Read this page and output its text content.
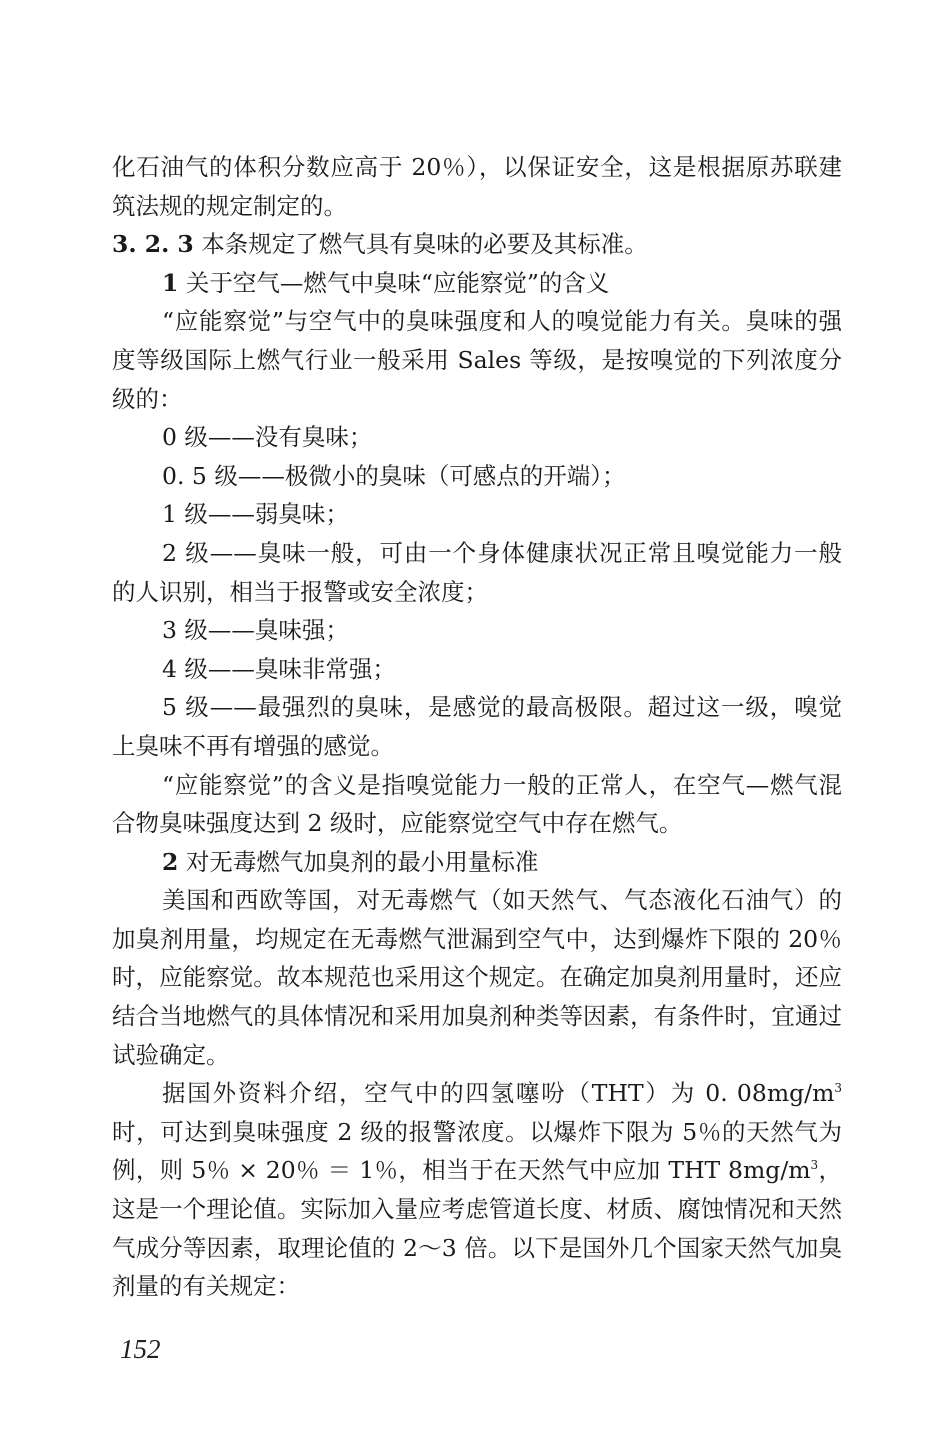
化石油气的体积分数应高于 20％），以保证安全，这是根据原苏联建筑法规的规定制定的。

3. 2. 3 本条规定了燃气具有臭味的必要及其标准。

1 关于空气—燃气中臭味“应能察觉”的含义

“应能察觉”与空气中的臭味强度和人的嗅觉能力有关。臭味的强度等级国际上燃气行业一般采用 Sales 等级，是按嗅觉的下列浓度分级的：

0 级——没有臭味；

0. 5 级——极微小的臭味（可感点的开端）；

1 级——弱臭味；

2 级——臭味一般，可由一个身体健康状况正常且嗅觉能力一般的人识别，相当于报警或安全浓度；

3 级——臭味强；

4 级——臭味非常强；

5 级——最强烈的臭味，是感觉的最高极限。超过这一级，嗅觉上臭味不再有增强的感觉。

“应能察觉”的含义是指嗅觉能力一般的正常人，在空气—燃气混合物臭味强度达到 2 级时，应能察觉空气中存在燃气。

2 对无毒燃气加臭剂的最小用量标准

美国和西欧等国，对无毒燃气（如天然气、气态液化石油气）的加臭剂用量，均规定在无毒燃气泄漏到空气中，达到爆炸下限的 20％时，应能察觉。故本规范也采用这个规定。在确定加臭剂用量时，还应结合当地燃气的具体情况和采用加臭剂种类等因素，有条件时，宜通过试验确定。

据国外资料介绍，空气中的四氢噻吩（THT）为 0. $08mg/m^3$时，可达到臭味强度 2 级的报警浓度。以爆炸下限为 5％的天然气为例，则 5％ × 20％ ＝ 1％，相当于在天然气中应加 THT $8mg/m^3$，这是一个理论值。实际加入量应考虑管道长度、材质、腐蚀情况和天然气成分等因素，取理论值的 2～3 倍。以下是国外几个国家天然气加臭剂量的有关规定：

152
